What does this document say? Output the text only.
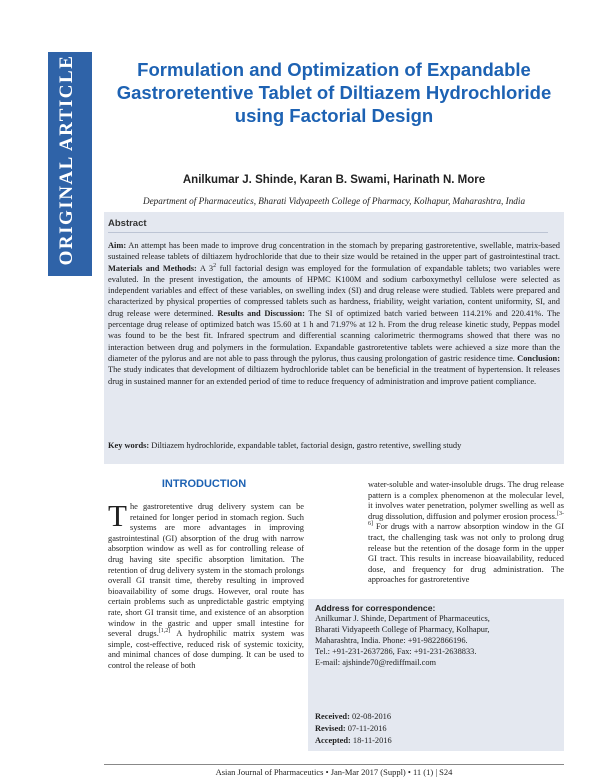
ORIGINAL ARTICLE	Formulation and Optimization of Expandable Gastroretentive Tablet of Diltiazem Hydrochloride using Factorial Design
Anilkumar J. Shinde, Karan B. Swami, Harinath N. More
Department of Pharmaceutics, Bharati Vidyapeeth College of Pharmacy, Kolhapur, Maharashtra, India
Abstract

Aim: An attempt has been made to improve drug concentration in the stomach by preparing gastroretentive, swellable, matrix-based sustained release tablets of diltiazem hydrochloride that due to their size would be retained in the upper part of gastrointestinal tract. Materials and Methods: A $3^2$ full factorial design was employed for the formulation of expandable tablets; two variables were evaluted. In the present investigation, the amounts of HPMC K100M and sodium carboxymethyl cellulose were selected as independent variables and effect of these variables, on swelling index (SI) and drug release were studied. Tablets were prepared and characterized by physical properties of compressed tablets such as hardness, friability, weight variation, content uniformity, SI, and drug release were determined. Results and Discussion: The SI of optimized batch varied between 114.21% and 220.41%. The percentage drug release of optimized batch was 15.60 at 1 h and 71.97% at 12 h. From the drug release kinetic study, Peppas model was found to be the best fit. Infrared spectrum and differential scanning calorimetric thermograms showed that there was no interaction between drug and polymers in the formulation. Expandable gastroretentive tablets were achieved a size more than the diameter of the pylorus and are not able to pass through the pylorus, thus causing prolongation of gastric residence time. Conclusion: The study indicates that development of diltiazem hydrochloride tablet can be beneficial in the treatment of hypertension. It releases drug in sustained manner for an extended period of time to reduce frequency of administration and improve patient compliance.

Key words: Diltiazem hydrochloride, expandable tablet, factorial design, gastro retentive, swelling study
INTRODUCTION

The gastroretentive drug delivery system can be retained for longer period in stomach region. Such systems are more advantages in improving gastrointestinal (GI) absorption of the drug with narrow absorption window as well as for controlling release of drug having site specific absorption limitation. The retention of drug delivery system in the stomach prolongs overall GI transit time, thereby resulting in improved bioavailability of some drugs. However, oral route has certain problems such as unpredictable gastric emptying rate, short GI transit time, and existence of an absorption window in the gastric and upper small intestine for several drugs.[1,2] A hydrophilic matrix system was simple, cost-effective, reduced risk of systemic toxicity, and minimal chances of dose dumping. It can be used to control the release of both

water-soluble and water-insoluble drugs. The drug release pattern is a complex phenomenon at the molecular level, it involves water penetration, polymer swelling as well as drug dissolution, diffusion and polymer erosion process.[3-6] For drugs with a narrow absorption window in the GI tract, the challenging task was not only to prolong drug release but the retention of the dosage form in the upper GI tract. This results in increase bioavailability, reduced dose, and frequency for drug administration. The approaches for gastroretentive

Address for correspondence:
Anilkumar J. Shinde, Department of Pharmaceutics,
Bharati Vidyapeeth College of Pharmacy, Kolhapur,
Maharashtra, India. Phone: +91-9822866196.
Tel.: +91-231-2637286, Fax: +91-231-2638833.
E-mail: ajshinde70@rediffmail.com
Received: 02-08-2016
Revised: 07-11-2016
Accepted: 18-11-2016
Asian Journal of Pharmaceutics • Jan-Mar 2017 (Suppl) • 11 (1) | S24
